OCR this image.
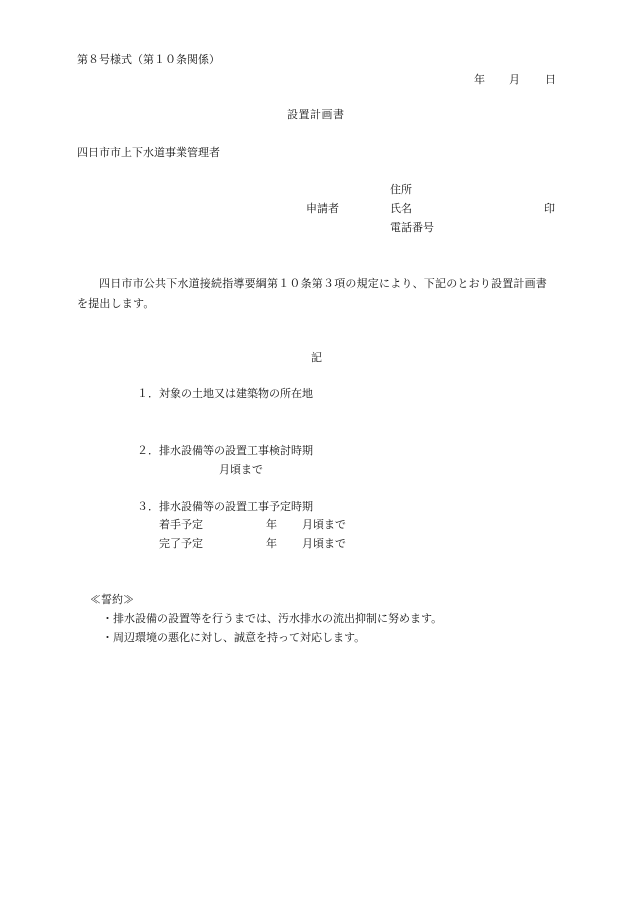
第８号様式（第１０条関係）
年 月 日
設置計画書
四日市市上下水道事業管理者
住所
申請者	氏名	印
電話番号
四日市市公共下水道接続指導要綱第１０条第３項の規定により、下記のとおり設置計画書を提出します。
記
１． 対象の土地又は建築物の所在地
２． 排水設備等の設置工事検討時期
月頃まで
３． 排水設備等の設置工事予定時期
着手予定	年 月頃まで
完了予定	年 月頃まで
≪誓約≫
・排水設備の設置等を行うまでは、汚水排水の流出抑制に努めます。
・周辺環境の悪化に対し、誠意を持って対応します。
